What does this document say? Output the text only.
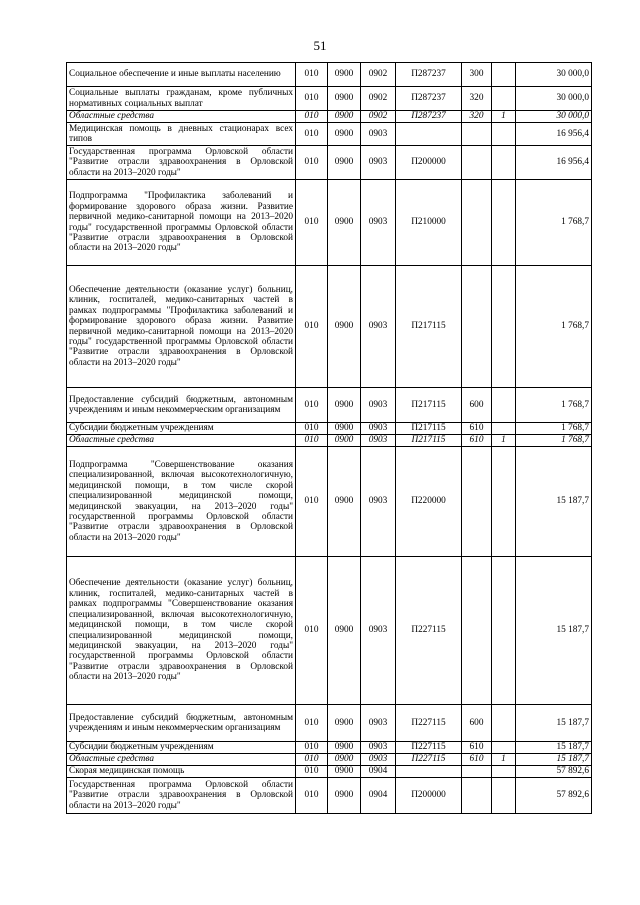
51
Социальное обеспечение и иные выплаты населению	010	0900	0902	П287237	300		30 000,0
Социальные выплаты гражданам, кроме публичных нормативных социальных выплат	010	0900	0902	П287237	320		30 000,0
Областные средства	010	0900	0902	П287237	320	1	30 000,0
Медицинская помощь в дневных стационарах всех типов	010	0900	0903				16 956,4
Государственная программа Орловской области "Развитие отрасли здравоохранения в Орловской области на 2013–2020 годы"	010	0900	0903	П200000			16 956,4
Подпрограмма "Профилактика заболеваний и формирование здорового образа жизни. Развитие первичной медико-санитарной помощи на 2013–2020 годы" государственной программы Орловской области "Развитие отрасли здравоохранения в Орловской области на 2013–2020 годы"	010	0900	0903	П210000			1 768,7
Обеспечение деятельности (оказание услуг) больниц, клиник, госпиталей, медико-санитарных частей в рамках подпрограммы "Профилактика заболеваний и формирование здорового образа жизни. Развитие первичной медико-санитарной помощи на 2013–2020 годы" государственной программы Орловской области "Развитие отрасли здравоохранения в Орловской области на 2013–2020 годы"	010	0900	0903	П217115			1 768,7
Предоставление субсидий бюджетным, автономным учреждениям и иным некоммерческим организациям	010	0900	0903	П217115	600		1 768,7
Субсидии бюджетным учреждениям	010	0900	0903	П217115	610		1 768,7
Областные средства	010	0900	0903	П217115	610	1	1 768,7
Подпрограмма "Совершенствование оказания специализированной, включая высокотехнологичную, медицинской помощи, в том числе скорой специализированной медицинской помощи, медицинской эвакуации, на 2013–2020 годы" государственной программы Орловской области "Развитие отрасли здравоохранения в Орловской области на 2013–2020 годы"	010	0900	0903	П220000			15 187,7
Обеспечение деятельности (оказание услуг) больниц, клиник, госпиталей, медико-санитарных частей в рамках подпрограммы "Совершенствование оказания специализированной, включая высокотехнологичную, медицинской помощи, в том числе скорой специализированной медицинской помощи, медицинской эвакуации, на 2013–2020 годы" государственной программы Орловской области "Развитие отрасли здравоохранения в Орловской области на 2013–2020 годы"	010	0900	0903	П227115			15 187,7
Предоставление субсидий бюджетным, автономным учреждениям и иным некоммерческим организациям	010	0900	0903	П227115	600		15 187,7
Субсидии бюджетным учреждениям	010	0900	0903	П227115	610		15 187,7
Областные средства	010	0900	0903	П227115	610	1	15 187,7
Скорая медицинская помощь	010	0900	0904				57 892,6
Государственная программа Орловской области "Развитие отрасли здравоохранения в Орловской области на 2013–2020 годы"	010	0900	0904	П200000			57 892,6
